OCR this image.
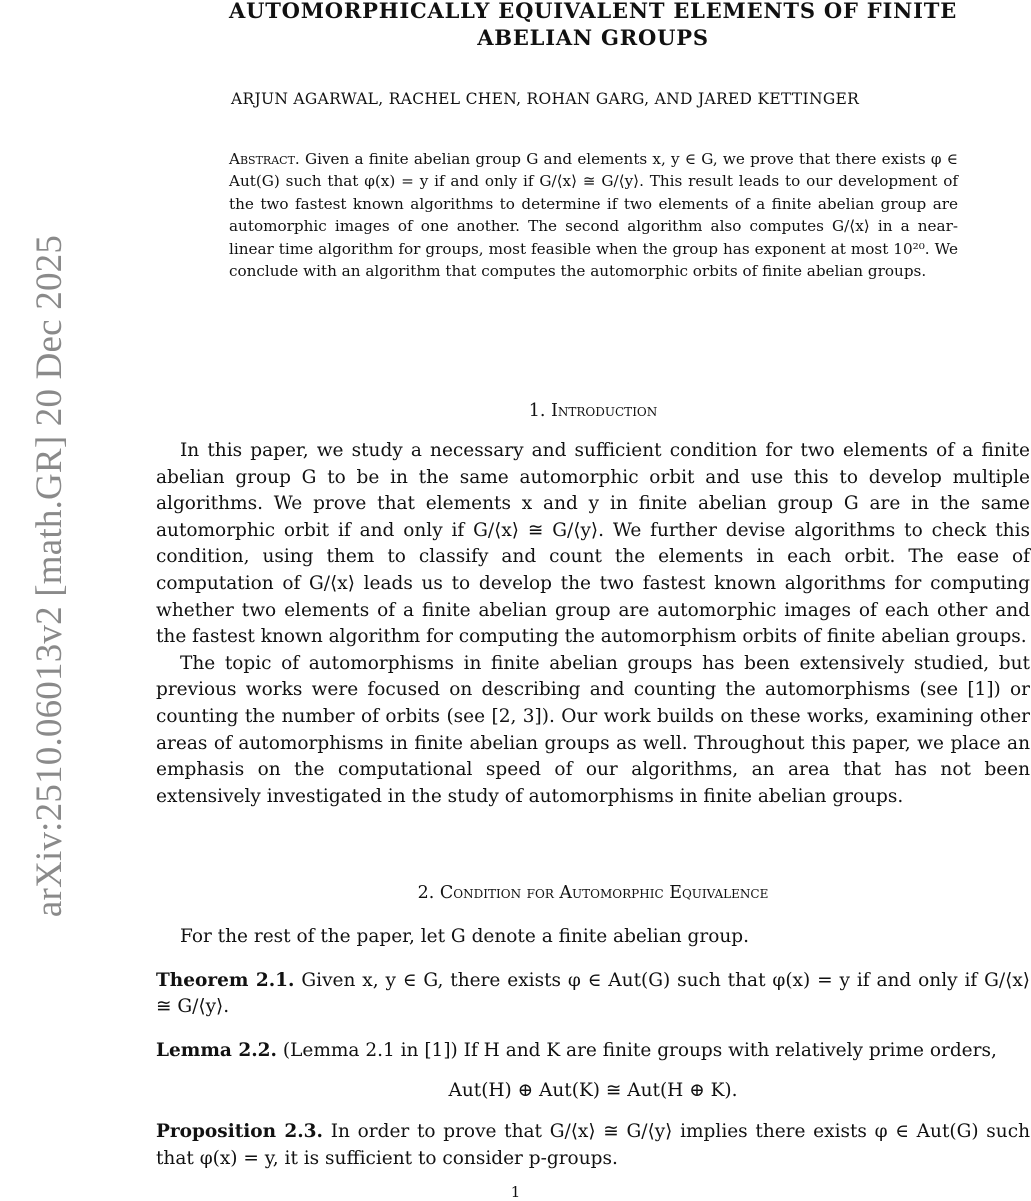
arXiv:2510.06013v2 [math.GR] 20 Dec 2025
AUTOMORPHICALLY EQUIVALENT ELEMENTS OF FINITE
ABELIAN GROUPS
ARJUN AGARWAL, RACHEL CHEN, ROHAN GARG, AND JARED KETTINGER
Abstract. Given a finite abelian group G and elements x, y ∈ G, we prove that there exists φ ∈ Aut(G) such that φ(x) = y if and only if G/⟨x⟩ ≅ G/⟨y⟩. This result leads to our development of the two fastest known algorithms to determine if two elements of a finite abelian group are automorphic images of one another. The second algorithm also computes G/⟨x⟩ in a near-linear time algorithm for groups, most feasible when the group has exponent at most 10²⁰. We conclude with an algorithm that computes the automorphic orbits of finite abelian groups.
1. Introduction

In this paper, we study a necessary and sufficient condition for two elements of a finite abelian group G to be in the same automorphic orbit and use this to develop multiple algorithms. We prove that elements x and y in finite abelian group G are in the same automorphic orbit if and only if G/⟨x⟩ ≅ G/⟨y⟩. We further devise algorithms to check this condition, using them to classify and count the elements in each orbit. The ease of computation of G/⟨x⟩ leads us to develop the two fastest known algorithms for computing whether two elements of a finite abelian group are automorphic images of each other and the fastest known algorithm for computing the automorphism orbits of finite abelian groups.

The topic of automorphisms in finite abelian groups has been extensively studied, but previous works were focused on describing and counting the automorphisms (see [1]) or counting the number of orbits (see [2, 3]). Our work builds on these works, examining other areas of automorphisms in finite abelian groups as well. Throughout this paper, we place an emphasis on the computational speed of our algorithms, an area that has not been extensively investigated in the study of automorphisms in finite abelian groups.

2. Condition for Automorphic Equivalence

For the rest of the paper, let G denote a finite abelian group.

Theorem 2.1. Given x, y ∈ G, there exists φ ∈ Aut(G) such that φ(x) = y if and only if G/⟨x⟩ ≅ G/⟨y⟩.

Lemma 2.2. (Lemma 2.1 in [1]) If H and K are finite groups with relatively prime orders,

Aut(H) ⊕ Aut(K) ≅ Aut(H ⊕ K).

Proposition 2.3. In order to prove that G/⟨x⟩ ≅ G/⟨y⟩ implies there exists φ ∈ Aut(G) such that φ(x) = y, it is sufficient to consider p-groups.

1
